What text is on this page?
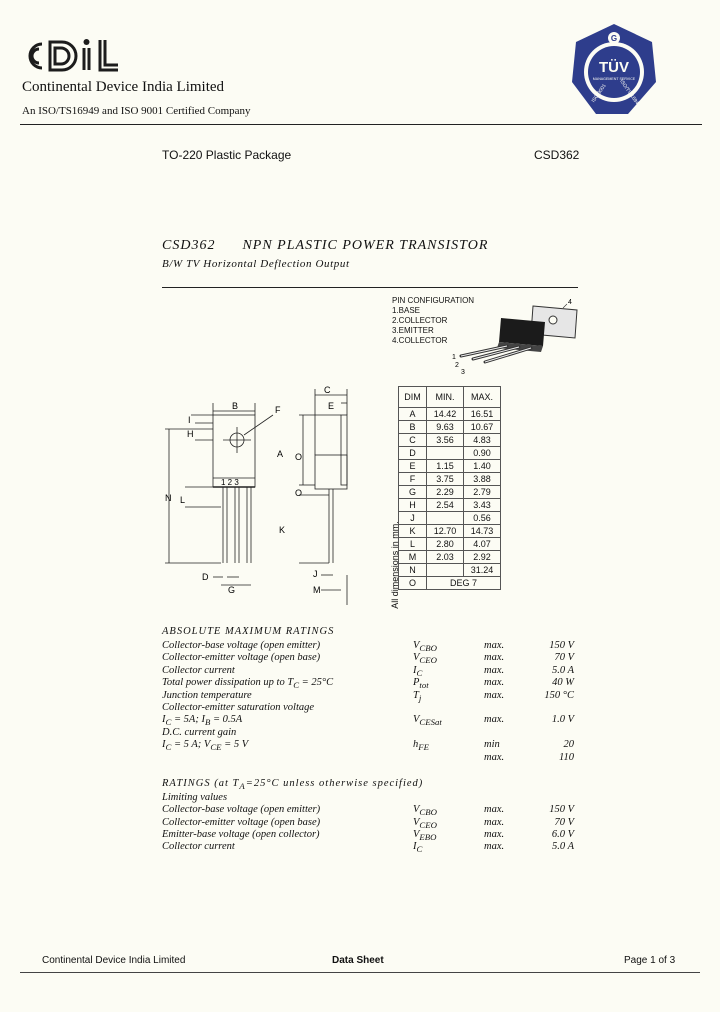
Continental Device India Limited
An ISO/TS16949 and ISO 9001 Certified Company
G
TÜV
MANAGEMENT SERVICE
ISO 9001 ISO/TS 16949
TO-220 Plastic Package	CSD362
CSD362 NPN PLASTIC POWER TRANSISTOR
B/W TV Horizontal Deflection Output
PIN CONFIGURATION
1.BASE
2.COLLECTOR
3.EMITTER
4.COLLECTOR
4
1
2
3
B	F
I
H
N
1 2 3
L
D
G
C
E
A O
O
K
J
M
DIM	MIN.	MAX.
A	14.42	16.51
B	9.63	10.67
C	3.56	4.83
D		0.90
E	1.15	1.40
F	3.75	3.88
G	2.29	2.79
H	2.54	3.43
J		0.56
K	12.70	14.73
L	2.80	4.07
M	2.03	2.92
N		31.24
O	DEG 7	
All dimensions in mm.
ABSOLUTE MAXIMUM RATINGS
Collector-base voltage (open emitter)	$V_{CBO}$	max.	150 V
Collector-emitter voltage (open base)	$V_{CEO}$	max.	70 V
Collector current	$I_C$	max.	5.0 A
Total power dissipation up to $T_C = 25^\circ C$	$P_{tot}$	max.	40 W
Junction temperature	$T_j$	max.	150 °C
Collector-emitter saturation voltage
$I_C = 5A$; $I_B = 0.5A$	$V_{CESat}$	max.	1.0 V
D.C. current gain
$I_C = 5$ A; $V_{CE} = 5$ V	$h_{FE}$	min	20
max.	110
RATINGS (at $T_A=25^\circ C$ unless otherwise specified)
Limiting values
Collector-base voltage (open emitter)	$V_{CBO}$	max.	150 V
Collector-emitter voltage (open base)	$V_{CEO}$	max.	70 V
Emitter-base voltage (open collector)	$V_{EBO}$	max.	6.0 V
Collector current	$I_C$	max.	5.0 A
Continental Device India Limited	Data Sheet	Page 1 of 3
